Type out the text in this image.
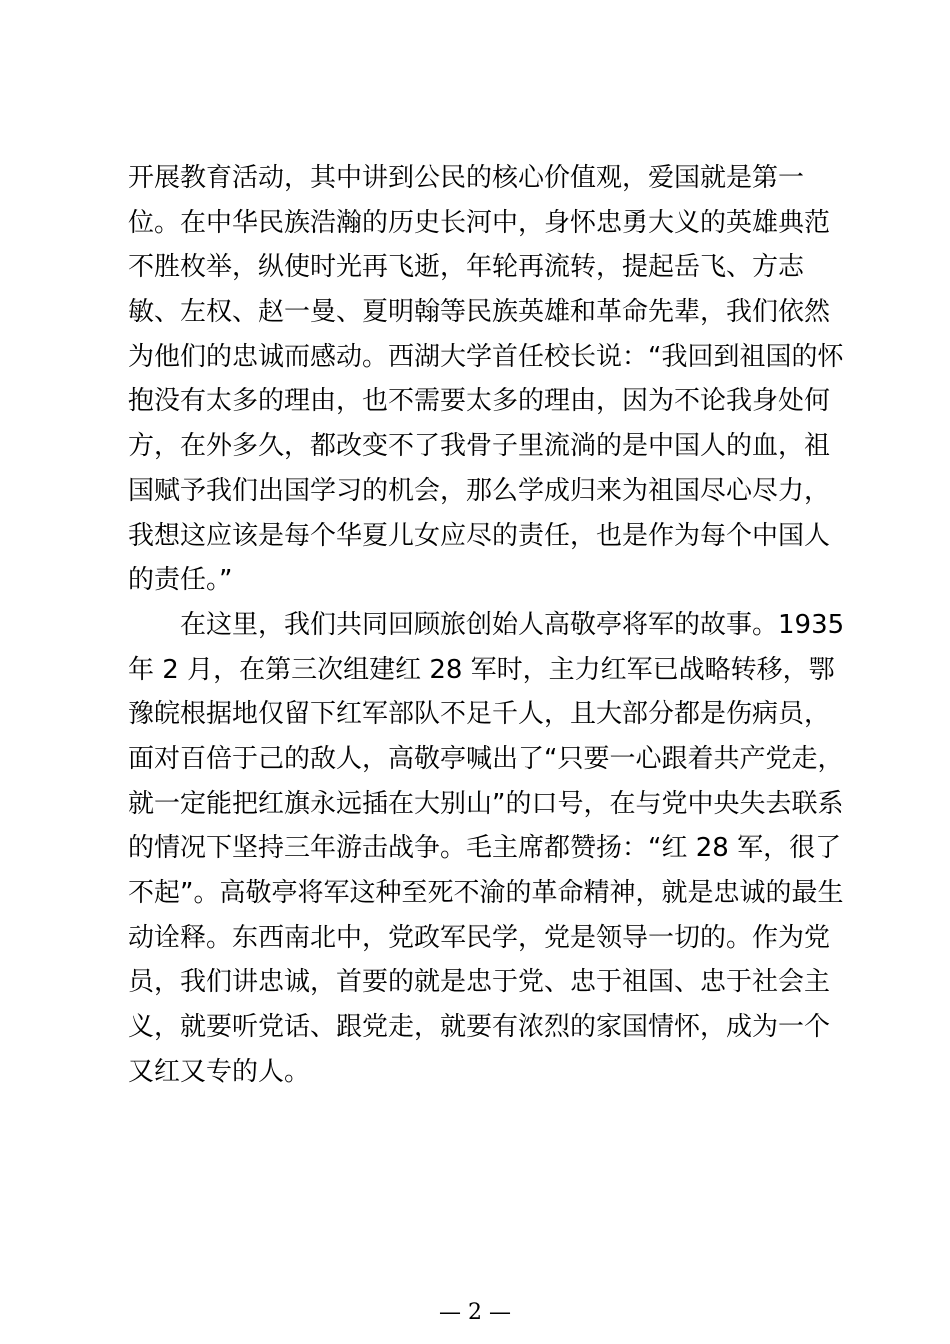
开展教育活动，其中讲到公民的核心价值观，爱国就是第一
位。在中华民族浩瀚的历史长河中，身怀忠勇大义的英雄典范
不胜枚举，纵使时光再飞逝，年轮再流转，提起岳飞、方志
敏、左权、赵一曼、夏明翰等民族英雄和革命先辈，我们依然
为他们的忠诚而感动。西湖大学首任校长说：“我回到祖国的怀
抱没有太多的理由，也不需要太多的理由，因为不论我身处何
方，在外多久，都改变不了我骨子里流淌的是中国人的血，祖
国赋予我们出国学习的机会，那么学成归来为祖国尽心尽力，
我想这应该是每个华夏儿女应尽的责任，也是作为每个中国人
的责任。”
在这里，我们共同回顾旅创始人高敬亭将军的故事。1935
年 2 月，在第三次组建红 28 军时，主力红军已战略转移，鄂
豫皖根据地仅留下红军部队不足千人，且大部分都是伤病员，
面对百倍于己的敌人，高敬亭喊出了“只要一心跟着共产党走，
就一定能把红旗永远插在大别山”的口号，在与党中央失去联系
的情况下坚持三年游击战争。毛主席都赞扬：“红 28 军，很了
不起”。高敬亭将军这种至死不渝的革命精神，就是忠诚的最生
动诠释。东西南北中，党政军民学，党是领导一切的。作为党
员，我们讲忠诚，首要的就是忠于党、忠于祖国、忠于社会主
义，就要听党话、跟党走，就要有浓烈的家国情怀，成为一个
又红又专的人。
— 2 —
